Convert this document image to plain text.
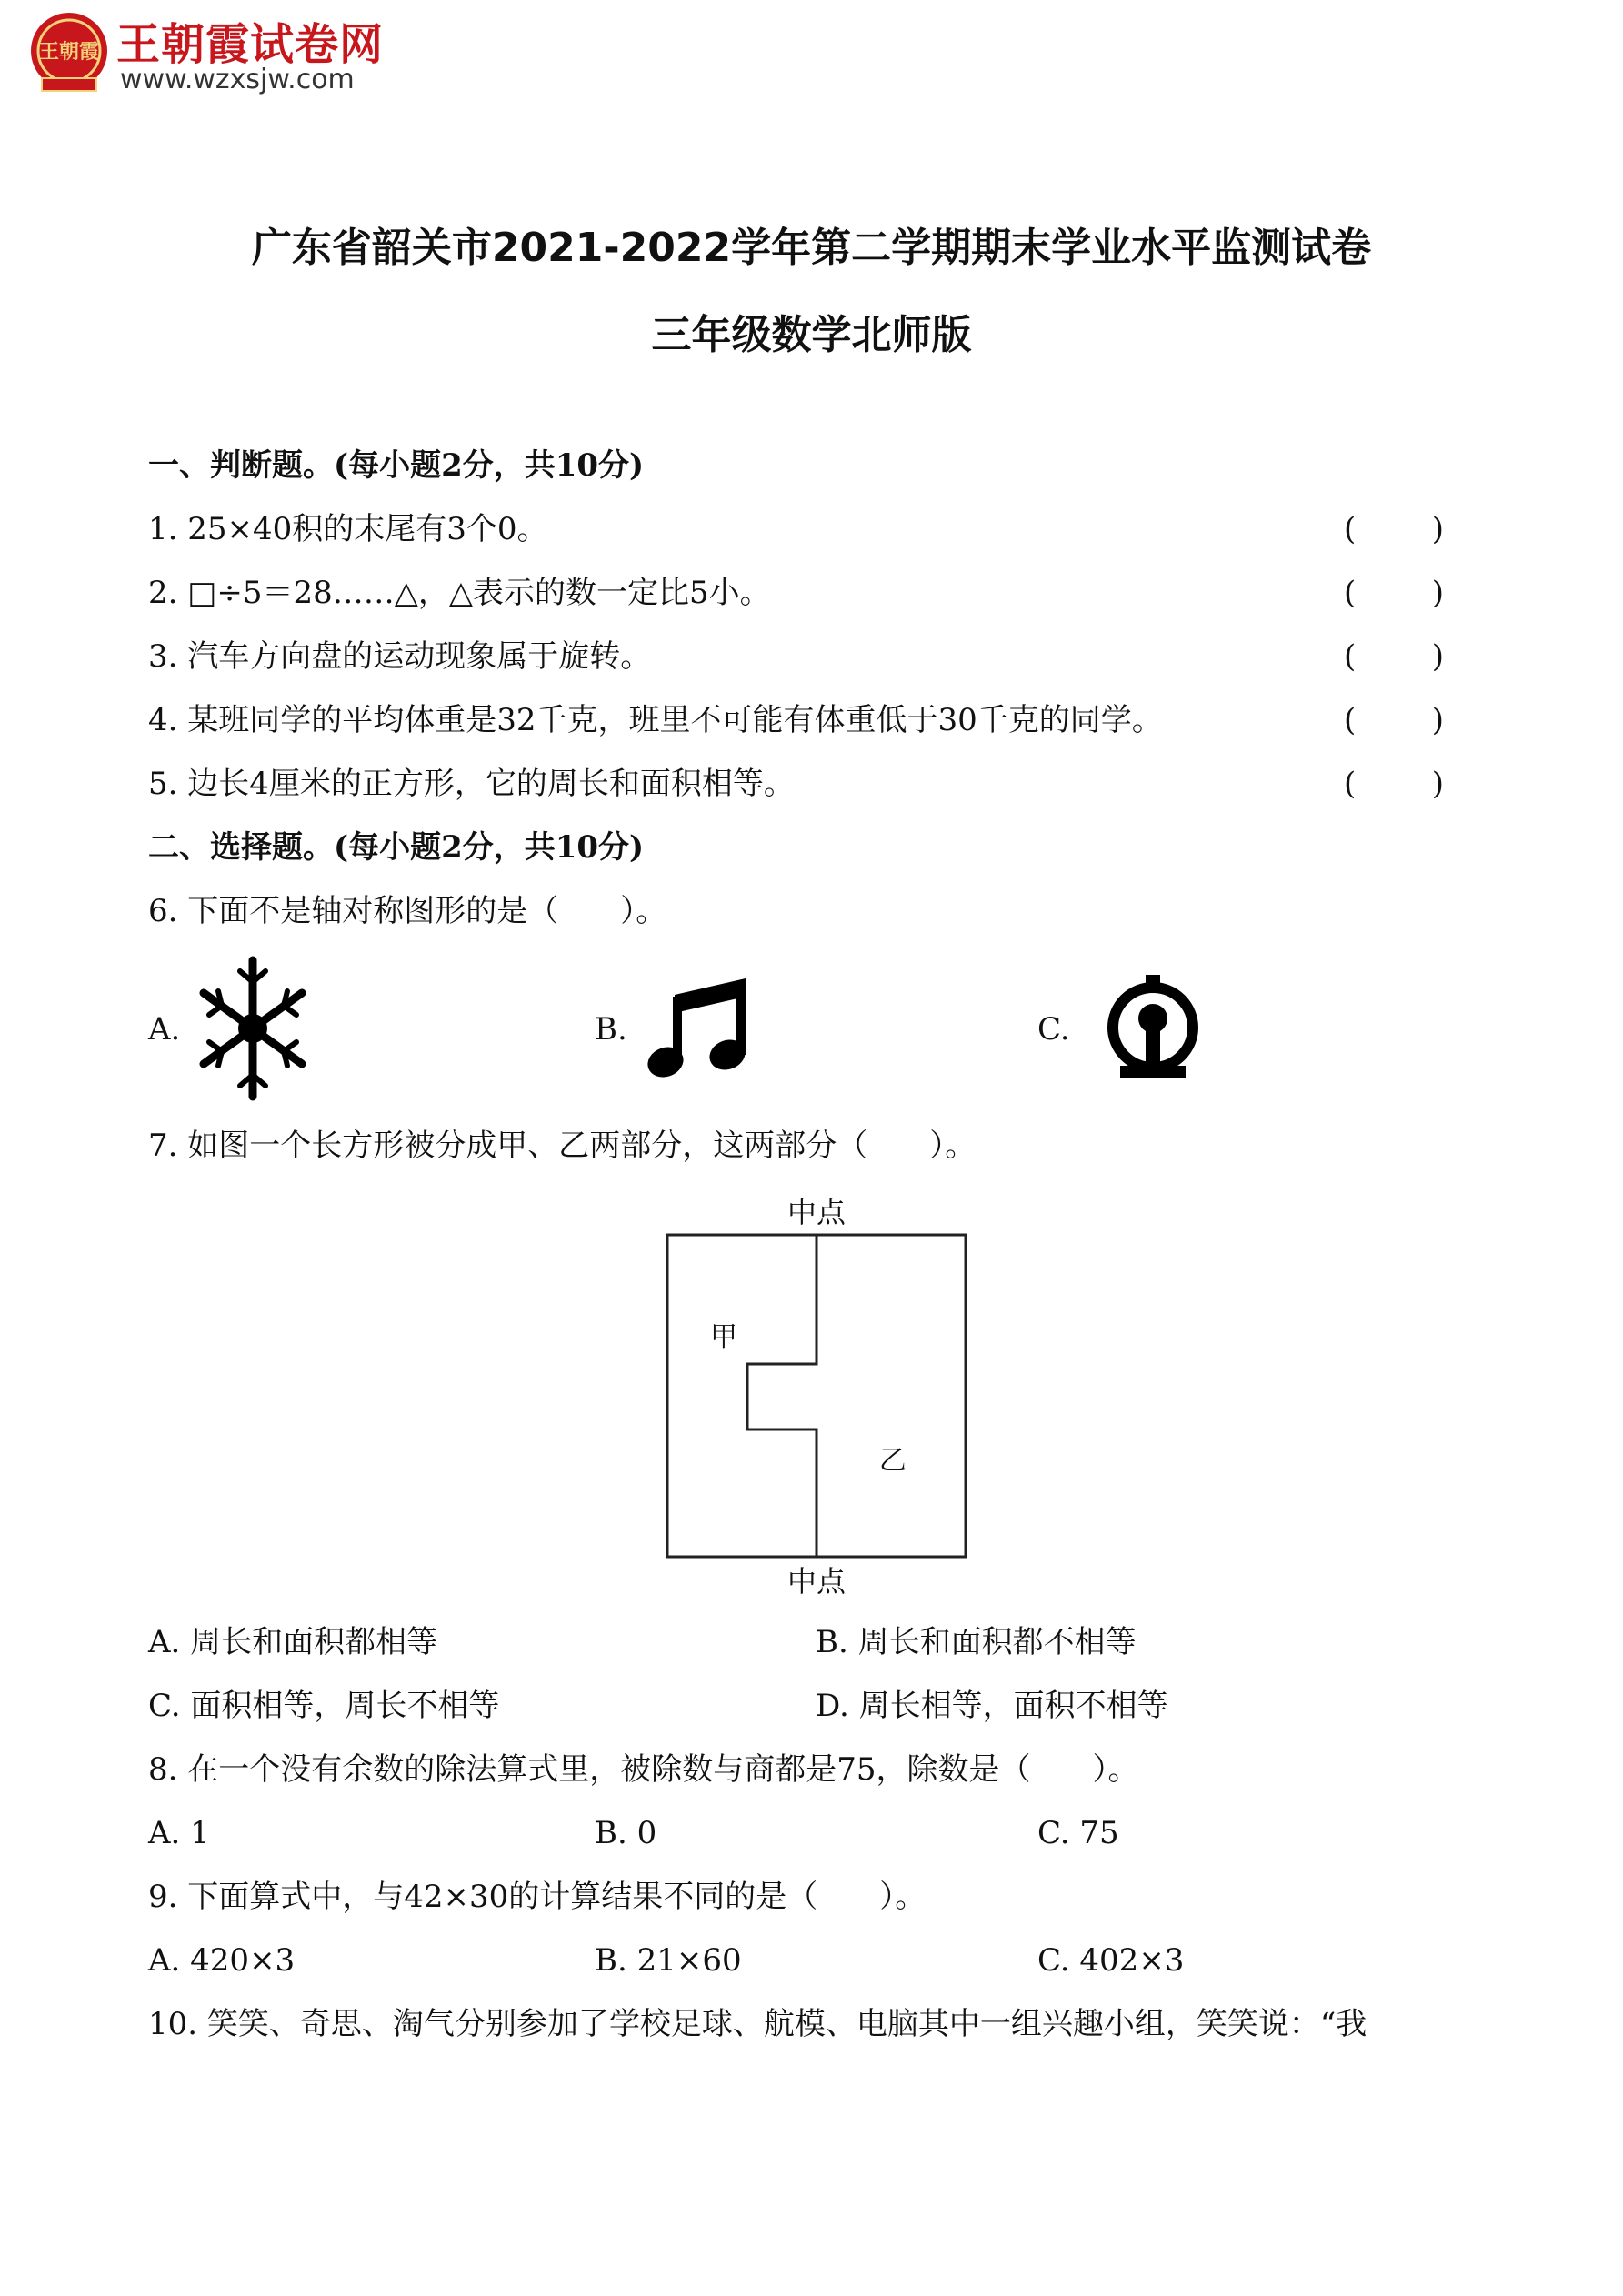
王朝霞 王朝霞试卷网
www.wzxsjw.com
广东省韶关市2021-2022学年第二学期期末学业水平监测试卷
三年级数学北师版
一、判断题。(每小题2分，共10分)
1. 25×40积的末尾有3个0。	( )
2. □÷5＝28……△，△表示的数一定比5小。	( )
3. 汽车方向盘的运动现象属于旋转。	( )
4. 某班同学的平均体重是32千克，班里不可能有体重低于30千克的同学。	( )
5. 边长4厘米的正方形，它的周长和面积相等。	( )
二、选择题。(每小题2分，共10分)
6. 下面不是轴对称图形的是（　　）。
A.	B.	C.
7. 如图一个长方形被分成甲、乙两部分，这两部分（　　）。
中点
中点
甲
乙
A. 周长和面积都相等	B. 周长和面积都不相等
C. 面积相等，周长不相等	D. 周长相等，面积不相等
8. 在一个没有余数的除法算式里，被除数与商都是75，除数是（　　）。
A. 1	B. 0	C. 75
9. 下面算式中，与42×30的计算结果不同的是（　　）。
A. 420×3	B. 21×60	C. 402×3
10. 笑笑、奇思、淘气分别参加了学校足球、航模、电脑其中一组兴趣小组，笑笑说：“我
